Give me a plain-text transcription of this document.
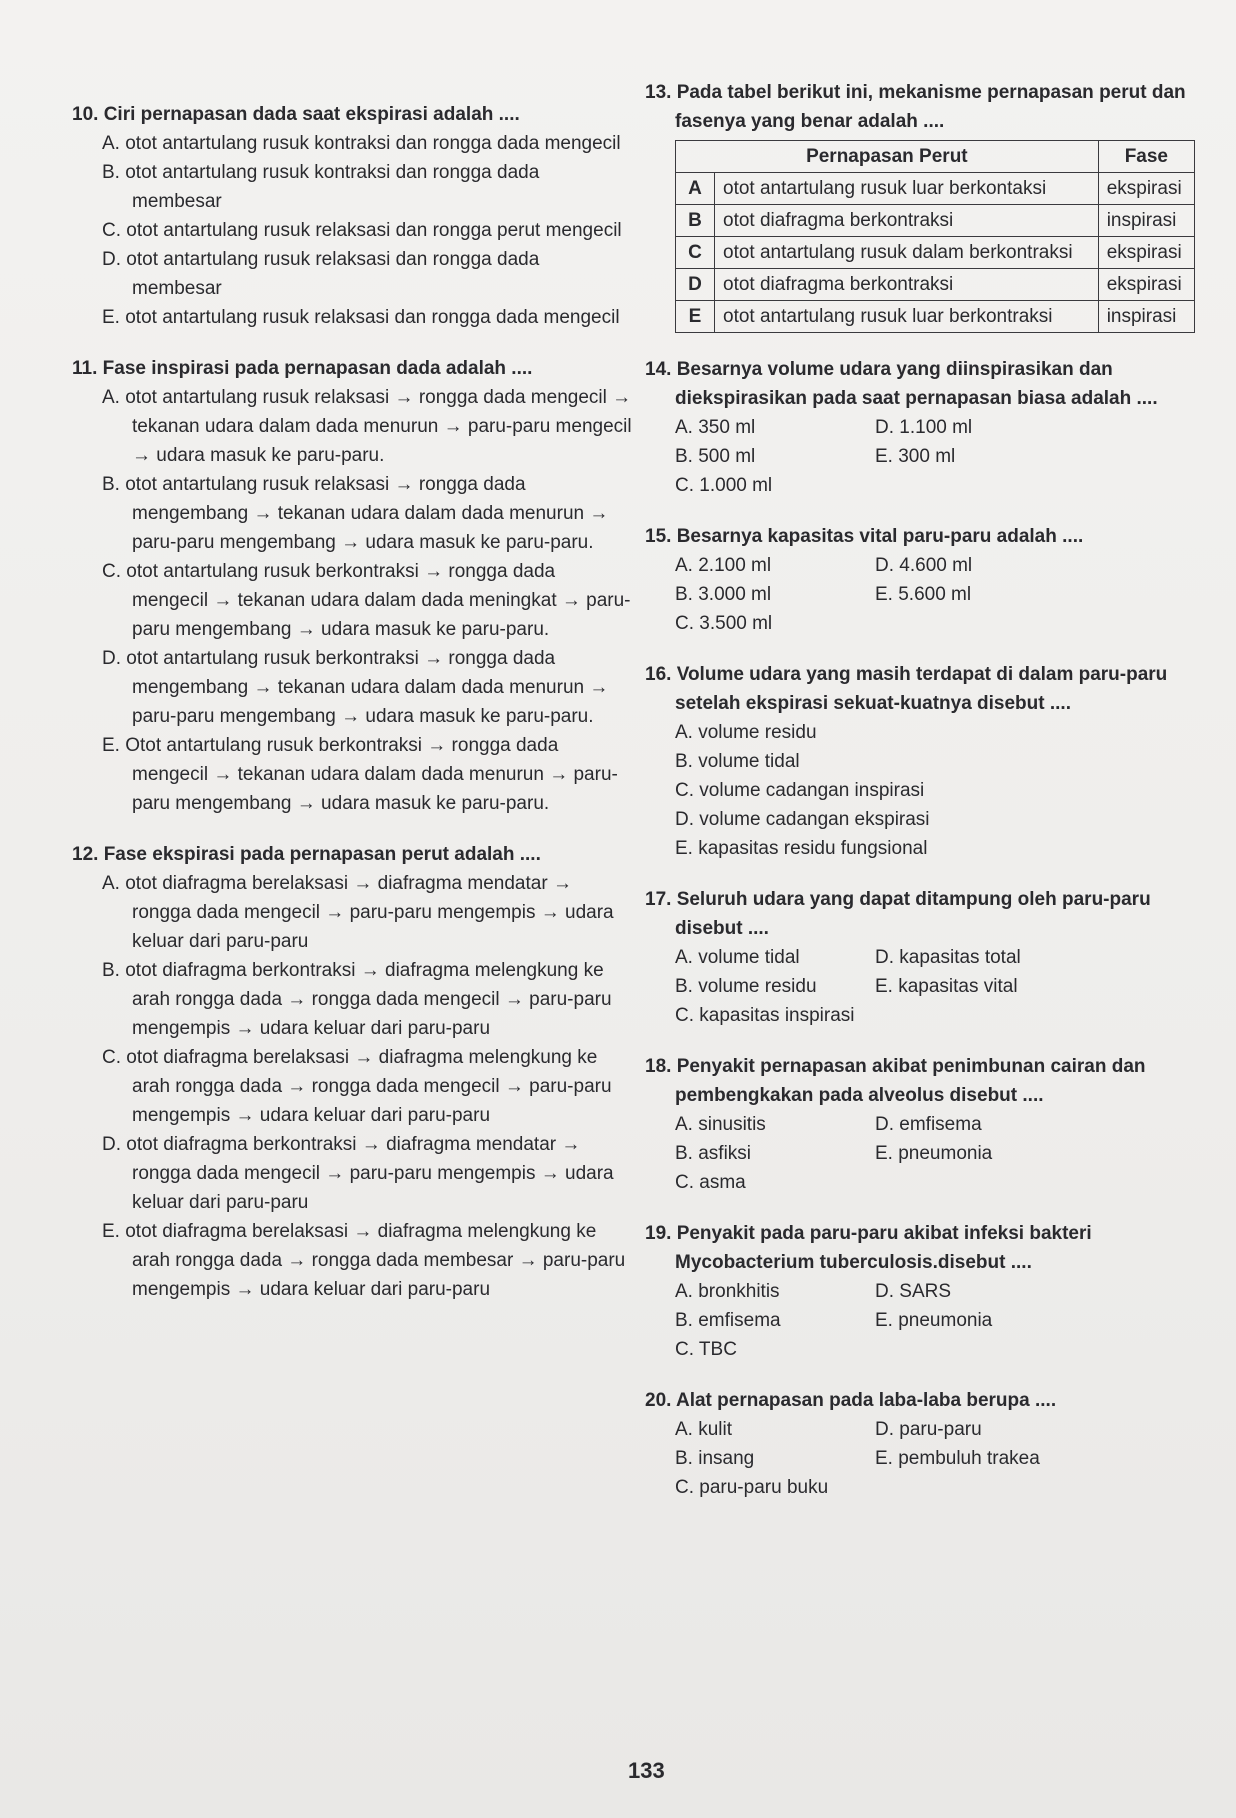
10. Ciri pernapasan dada saat ekspirasi adalah ....
A. otot antartulang rusuk kontraksi dan rongga dada mengecil
B. otot antartulang rusuk kontraksi dan rongga dada membesar
C. otot antartulang rusuk relaksasi dan rongga perut mengecil
D. otot antartulang rusuk relaksasi dan rongga dada membesar
E. otot antartulang rusuk relaksasi dan rongga dada mengecil
11. Fase inspirasi pada pernapasan dada adalah ....
A. otot antartulang rusuk relaksasi → rongga dada mengecil → tekanan udara dalam dada menurun → paru-paru mengecil → udara masuk ke paru-paru.
B. otot antartulang rusuk relaksasi → rongga dada mengembang → tekanan udara dalam dada menurun → paru-paru mengembang → udara masuk ke paru-paru.
C. otot antartulang rusuk berkontraksi → rongga dada mengecil → tekanan udara dalam dada meningkat → paru-paru mengembang → udara masuk ke paru-paru.
D. otot antartulang rusuk berkontraksi → rongga dada mengembang → tekanan udara dalam dada menurun → paru-paru mengembang → udara masuk ke paru-paru.
E. Otot antartulang rusuk berkontraksi → rongga dada mengecil → tekanan udara dalam dada menurun → paru-paru mengembang → udara masuk ke paru-paru.
12. Fase ekspirasi pada pernapasan perut adalah ....
A. otot diafragma berelaksasi → diafragma mendatar → rongga dada mengecil → paru-paru mengempis → udara keluar dari paru-paru
B. otot diafragma berkontraksi → diafragma melengkung ke arah rongga dada → rongga dada mengecil → paru-paru mengempis → udara keluar dari paru-paru
C. otot diafragma berelaksasi → diafragma melengkung ke arah rongga dada → rongga dada mengecil → paru-paru mengempis → udara keluar dari paru-paru
D. otot diafragma berkontraksi → diafragma mendatar → rongga dada mengecil → paru-paru mengempis → udara keluar dari paru-paru
E. otot diafragma berelaksasi → diafragma melengkung ke arah rongga dada → rongga dada membesar → paru-paru mengempis → udara keluar dari paru-paru
13. Pada tabel berikut ini, mekanisme pernapasan perut dan fasenya yang benar adalah ....
Pernapasan Perut		Fase
A	otot antartulang rusuk luar berkontaksi	ekspirasi
B	otot diafragma berkontraksi	inspirasi
C	otot antartulang rusuk dalam berkontraksi	ekspirasi
D	otot diafragma berkontraksi	ekspirasi
E	otot antartulang rusuk luar berkontraksi	inspirasi
14. Besarnya volume udara yang diinspirasikan dan diekspirasikan pada saat pernapasan biasa adalah ....
A. 350 ml	D. 1.100 ml
B. 500 ml	E. 300 ml
C. 1.000 ml
15. Besarnya kapasitas vital paru-paru adalah ....
A. 2.100 ml	D. 4.600 ml
B. 3.000 ml	E. 5.600 ml
C. 3.500 ml
16. Volume udara yang masih terdapat di dalam paru-paru setelah ekspirasi sekuat-kuatnya disebut ....
A. volume residu
B. volume tidal
C. volume cadangan inspirasi
D. volume cadangan ekspirasi
E. kapasitas residu fungsional
17. Seluruh udara yang dapat ditampung oleh paru-paru disebut ....
A. volume tidal	D. kapasitas total
B. volume residu	E. kapasitas vital
C. kapasitas inspirasi
18. Penyakit pernapasan akibat penimbunan cairan dan pembengkakan pada alveolus disebut ....
A. sinusitis	D. emfisema
B. asfiksi	E. pneumonia
C. asma
19. Penyakit pada paru-paru akibat infeksi bakteri Mycobacterium tuberculosis.disebut ....
A. bronkhitis	D. SARS
B. emfisema	E. pneumonia
C. TBC
20. Alat pernapasan pada laba-laba berupa ....
A. kulit	D. paru-paru
B. insang	E. pembuluh trakea
C. paru-paru buku
133
